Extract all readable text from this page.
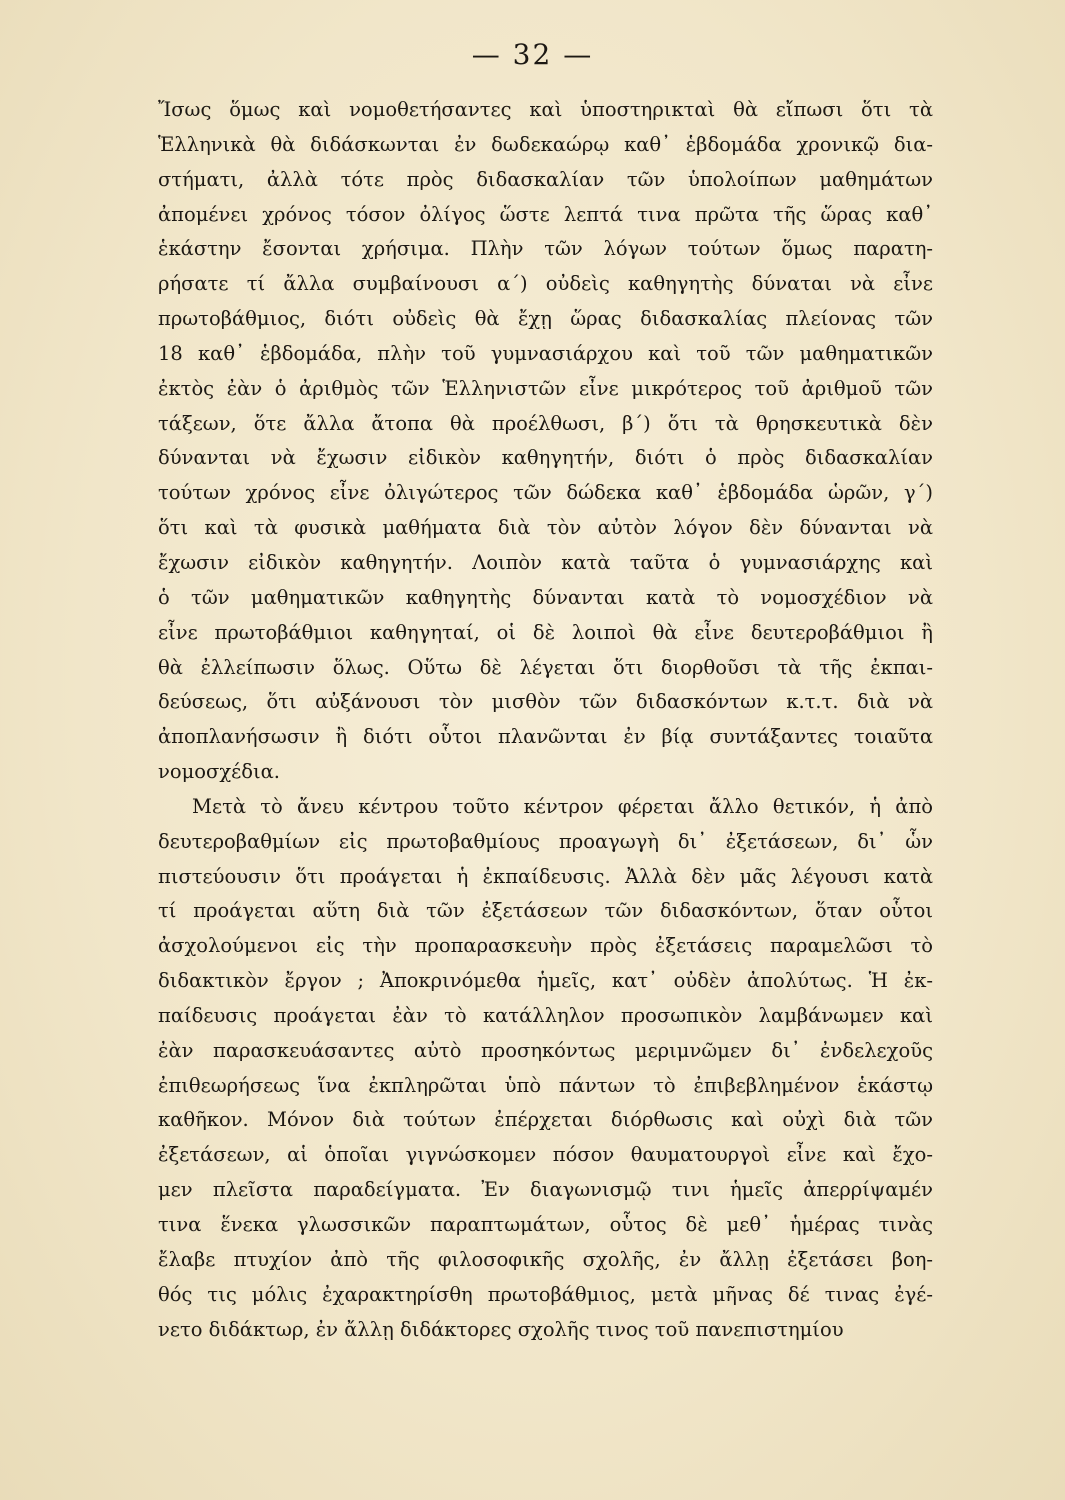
— 32 —
Ἴσως ὅμως καὶ νομοθετήσαντες καὶ ὑποστηρικταὶ θὰ εἴπωσι ὅτι τὰ
Ἑλληνικὰ θὰ διδάσκωνται ἐν δωδεκαώρῳ καθ᾽ ἑβδομάδα χρονικῷ δια-
στήματι, ἀλλὰ τότε πρὸς διδασκαλίαν τῶν ὑπολοίπων μαθημάτων
ἀπομένει χρόνος τόσον ὀλίγος ὥστε λεπτά τινα πρῶτα τῆς ὥρας καθ᾽
ἑκάστην ἔσονται χρήσιμα. Πλὴν τῶν λόγων τούτων ὅμως παρατη-
ρήσατε τί ἄλλα συμβαίνουσι α΄) οὐδεὶς καθηγητὴς δύναται νὰ εἶνε
πρωτοβάθμιος, διότι οὐδεὶς θὰ ἔχῃ ὥρας διδασκαλίας πλείονας τῶν
18 καθ᾽ ἑβδομάδα, πλὴν τοῦ γυμνασιάρχου καὶ τοῦ τῶν μαθηματικῶν
ἐκτὸς ἐὰν ὁ ἀριθμὸς τῶν Ἑλληνιστῶν εἶνε μικρότερος τοῦ ἀριθμοῦ τῶν
τάξεων, ὅτε ἄλλα ἄτοπα θὰ προέλθωσι, β΄) ὅτι τὰ θρησκευτικὰ δὲν
δύνανται νὰ ἔχωσιν εἰδικὸν καθηγητήν, διότι ὁ πρὸς διδασκαλίαν
τούτων χρόνος εἶνε ὀλιγώτερος τῶν δώδεκα καθ᾽ ἑβδομάδα ὡρῶν, γ΄)
ὅτι καὶ τὰ φυσικὰ μαθήματα διὰ τὸν αὐτὸν λόγον δὲν δύνανται νὰ
ἔχωσιν εἰδικὸν καθηγητήν. Λοιπὸν κατὰ ταῦτα ὁ γυμνασιάρχης καὶ
ὁ τῶν μαθηματικῶν καθηγητὴς δύνανται κατὰ τὸ νομοσχέδιον νὰ
εἶνε πρωτοβάθμιοι καθηγηταί, οἱ δὲ λοιποὶ θὰ εἶνε δευτεροβάθμιοι ἢ
θὰ ἐλλείπωσιν ὅλως. Οὕτω δὲ λέγεται ὅτι διορθοῦσι τὰ τῆς ἐκπαι-
δεύσεως, ὅτι αὐξάνουσι τὸν μισθὸν τῶν διδασκόντων κ.τ.τ. διὰ νὰ
ἀποπλανήσωσιν ἢ διότι οὗτοι πλανῶνται ἐν βίᾳ συντάξαντες τοιαῦτα
νομοσχέδια.
Μετὰ τὸ ἄνευ κέντρου τοῦτο κέντρον φέρεται ἄλλο θετικόν, ἡ ἀπὸ
δευτεροβαθμίων εἰς πρωτοβαθμίους προαγωγὴ δι᾽ ἐξετάσεων, δι᾽ ὧν
πιστεύουσιν ὅτι προάγεται ἡ ἐκπαίδευσις. Ἀλλὰ δὲν μᾶς λέγουσι κατὰ
τί προάγεται αὕτη διὰ τῶν ἐξετάσεων τῶν διδασκόντων, ὅταν οὗτοι
ἀσχολούμενοι εἰς τὴν προπαρασκευὴν πρὸς ἐξετάσεις παραμελῶσι τὸ
διδακτικὸν ἔργον ; Ἀποκρινόμεθα ἡμεῖς, κατ᾽ οὐδὲν ἀπολύτως. Ἡ ἐκ-
παίδευσις προάγεται ἐὰν τὸ κατάλληλον προσωπικὸν λαμβάνωμεν καὶ
ἐὰν παρασκευάσαντες αὐτὸ προσηκόντως μεριμνῶμεν δι᾽ ἐνδελεχοῦς
ἐπιθεωρήσεως ἵνα ἐκπληρῶται ὑπὸ πάντων τὸ ἐπιβεβλημένον ἑκάστῳ
καθῆκον. Μόνον διὰ τούτων ἐπέρχεται διόρθωσις καὶ οὐχὶ διὰ τῶν
ἐξετάσεων, αἱ ὁποῖαι γιγνώσκομεν πόσον θαυματουργοὶ εἶνε καὶ ἔχο-
μεν πλεῖστα παραδείγματα. Ἐν διαγωνισμῷ τινι ἡμεῖς ἀπερρίψαμέν
τινα ἕνεκα γλωσσικῶν παραπτωμάτων, οὗτος δὲ μεθ᾽ ἡμέρας τινὰς
ἔλαβε πτυχίον ἀπὸ τῆς φιλοσοφικῆς σχολῆς, ἐν ἄλλῃ ἐξετάσει βοη-
θός τις μόλις ἐχαρακτηρίσθη πρωτοβάθμιος, μετὰ μῆνας δέ τινας ἐγέ-
νετο διδάκτωρ, ἐν ἄλλῃ διδάκτορες σχολῆς τινος τοῦ πανεπιστημίου
